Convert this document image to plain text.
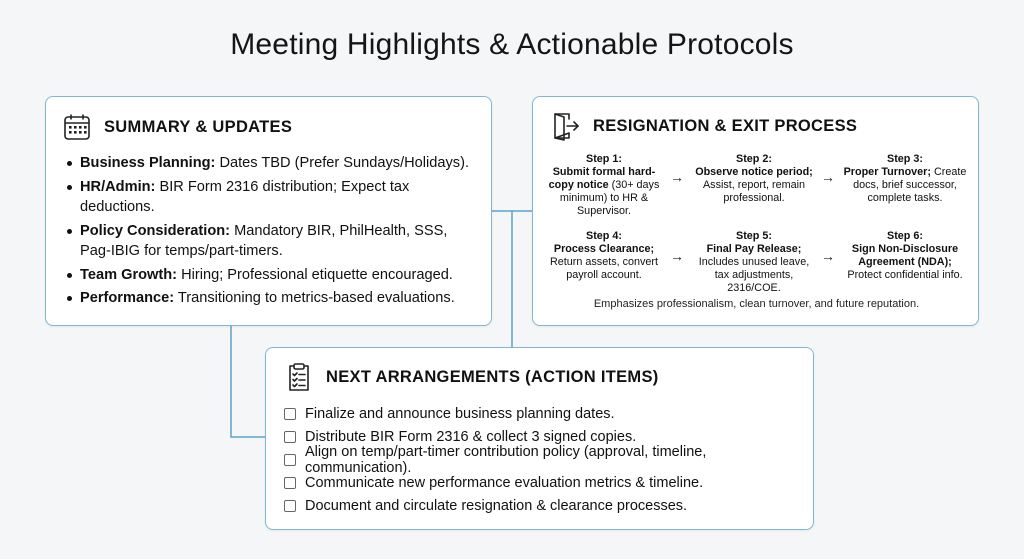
Meeting Highlights & Actionable Protocols
SUMMARY & UPDATES
Business Planning: Dates TBD (Prefer Sundays/Holidays).
HR/Admin: BIR Form 2316 distribution; Expect tax deductions.
Policy Consideration: Mandatory BIR, PhilHealth, SSS, Pag-IBIG for temps/part-timers.
Team Growth: Hiring; Professional etiquette encouraged.
Performance: Transitioning to metrics-based evaluations.
RESIGNATION & EXIT PROCESS
Step 1:
Submit formal hard-copy notice (30+ days minimum) to HR & Supervisor.
→
Step 2:
Observe notice period; Assist, report, remain professional.
→
Step 3:
Proper Turnover; Create docs, brief successor, complete tasks.
Step 4:
Process Clearance; Return assets, convert payroll account.
→
Step 5:
Final Pay Release; Includes unused leave, tax adjustments, 2316/COE.
→
Step 6:
Sign Non-Disclosure Agreement (NDA); Protect confidential info.
Emphasizes professionalism, clean turnover, and future reputation.
NEXT ARRANGEMENTS (ACTION ITEMS)
Finalize and announce business planning dates.
Distribute BIR Form 2316 & collect 3 signed copies.
Align on temp/part-timer contribution policy (approval, timeline, communication).
Communicate new performance evaluation metrics & timeline.
Document and circulate resignation & clearance processes.
